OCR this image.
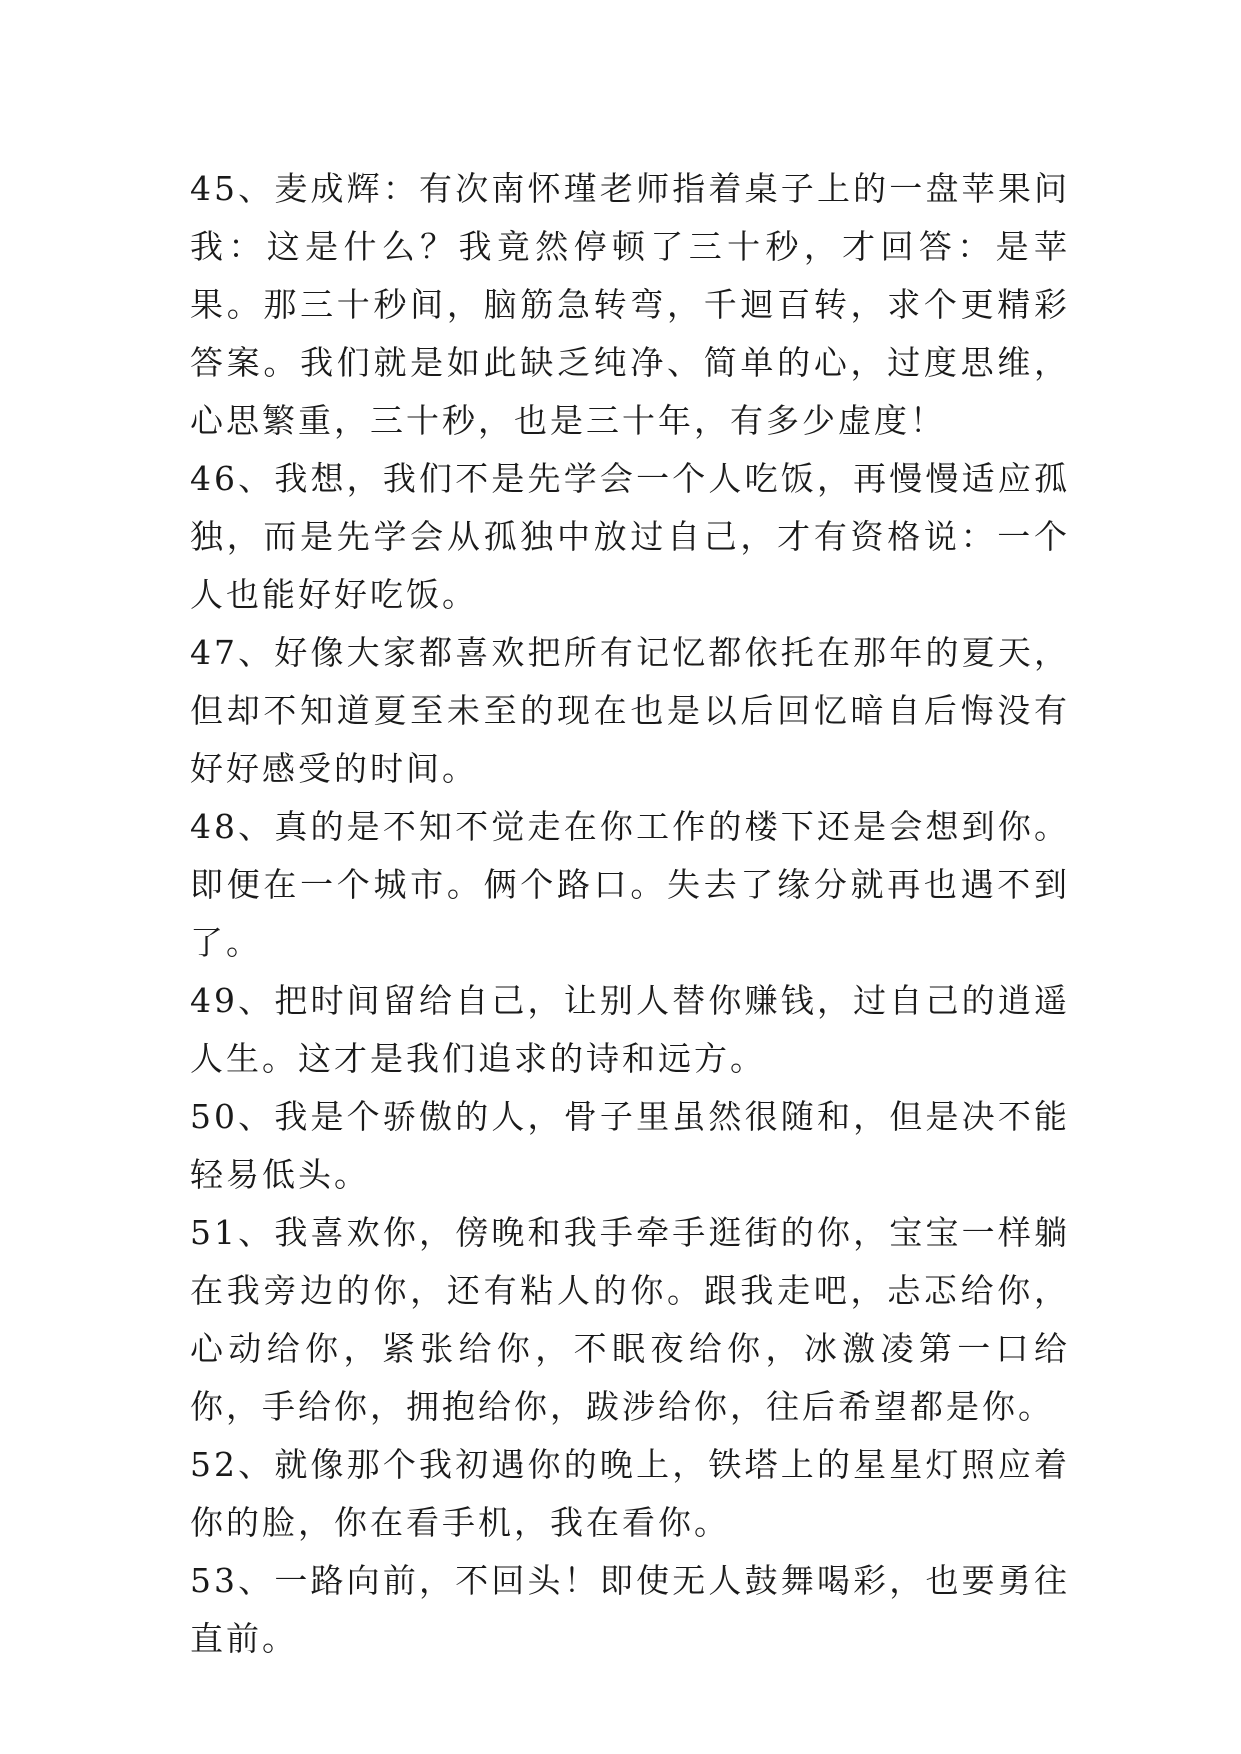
45、麦成辉：有次南怀瑾老师指着桌子上的一盘苹果问我：这是什么？我竟然停顿了三十秒，才回答：是苹果。那三十秒间，脑筋急转弯，千迴百转，求个更精彩答案。我们就是如此缺乏纯净、简单的心，过度思维，心思繁重，三十秒，也是三十年，有多少虚度！

46、我想，我们不是先学会一个人吃饭，再慢慢适应孤独，而是先学会从孤独中放过自己，才有资格说：一个人也能好好吃饭。

47、好像大家都喜欢把所有记忆都依托在那年的夏天，但却不知道夏至未至的现在也是以后回忆暗自后悔没有好好感受的时间。

48、真的是不知不觉走在你工作的楼下还是会想到你。即便在一个城市。俩个路口。失去了缘分就再也遇不到了。

49、把时间留给自己，让别人替你赚钱，过自己的逍遥人生。这才是我们追求的诗和远方。

50、我是个骄傲的人，骨子里虽然很随和，但是决不能轻易低头。

51、我喜欢你，傍晚和我手牵手逛街的你，宝宝一样躺在我旁边的你，还有粘人的你。跟我走吧，忐忑给你，心动给你，紧张给你，不眠夜给你，冰激凌第一口给你，手给你，拥抱给你，跋涉给你，往后希望都是你。

52、就像那个我初遇你的晚上，铁塔上的星星灯照应着你的脸，你在看手机，我在看你。

53、一路向前，不回头！即使无人鼓舞喝彩，也要勇往直前。
